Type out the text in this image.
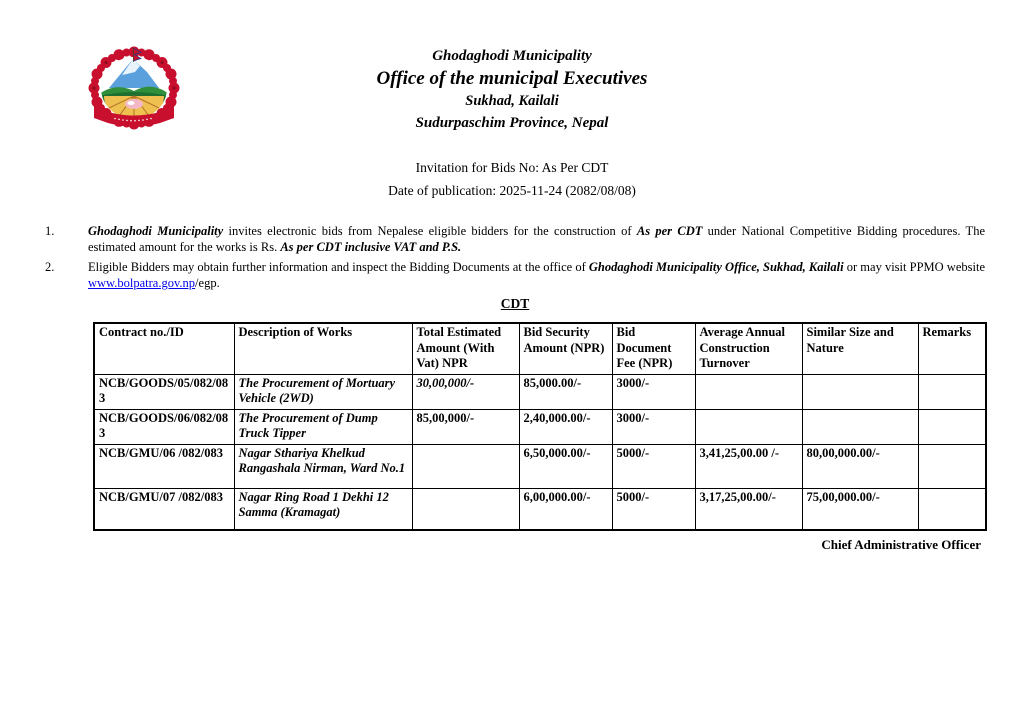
Ghodaghodi Municipality
Office of the municipal Executives
Sukhad, Kailali
Sudurpaschim Province, Nepal
Invitation for Bids No: As Per CDT
Date of publication: 2025-11-24 (2082/08/08)
1.	Ghodaghodi Municipality invites electronic bids from Nepalese eligible bidders for the construction of As per CDT under National Competitive Bidding procedures. The estimated amount for the works is Rs. As per CDT inclusive VAT and P.S.
2.	Eligible Bidders may obtain further information and inspect the Bidding Documents at the office of Ghodaghodi Municipality Office, Sukhad, Kailali or may visit PPMO website www.bolpatra.gov.np/egp.
CDT
Contract no./ID	Description of Works	Total Estimated Amount (With Vat) NPR	Bid Security Amount (NPR)	Bid Document Fee (NPR)	Average Annual Construction Turnover	Similar Size and Nature	Remarks
NCB/GOODS/05/082/083	The Procurement of Mortuary Vehicle (2WD)	30,00,000/-	85,000.00/-	3000/-			
NCB/GOODS/06/082/083	The Procurement of Dump Truck Tipper	85,00,000/-	2,40,000.00/-	3000/-			
NCB/GMU/06 /082/083	Nagar Sthariya Khelkud Rangashala Nirman, Ward No.1		6,50,000.00/-	5000/-	3,41,25,00.00 /-	80,00,000.00/-	
NCB/GMU/07 /082/083	Nagar Ring Road 1 Dekhi 12 Samma (Kramagat)		6,00,000.00/-	5000/-	3,17,25,00.00/-	75,00,000.00/-	
Chief Administrative Officer
